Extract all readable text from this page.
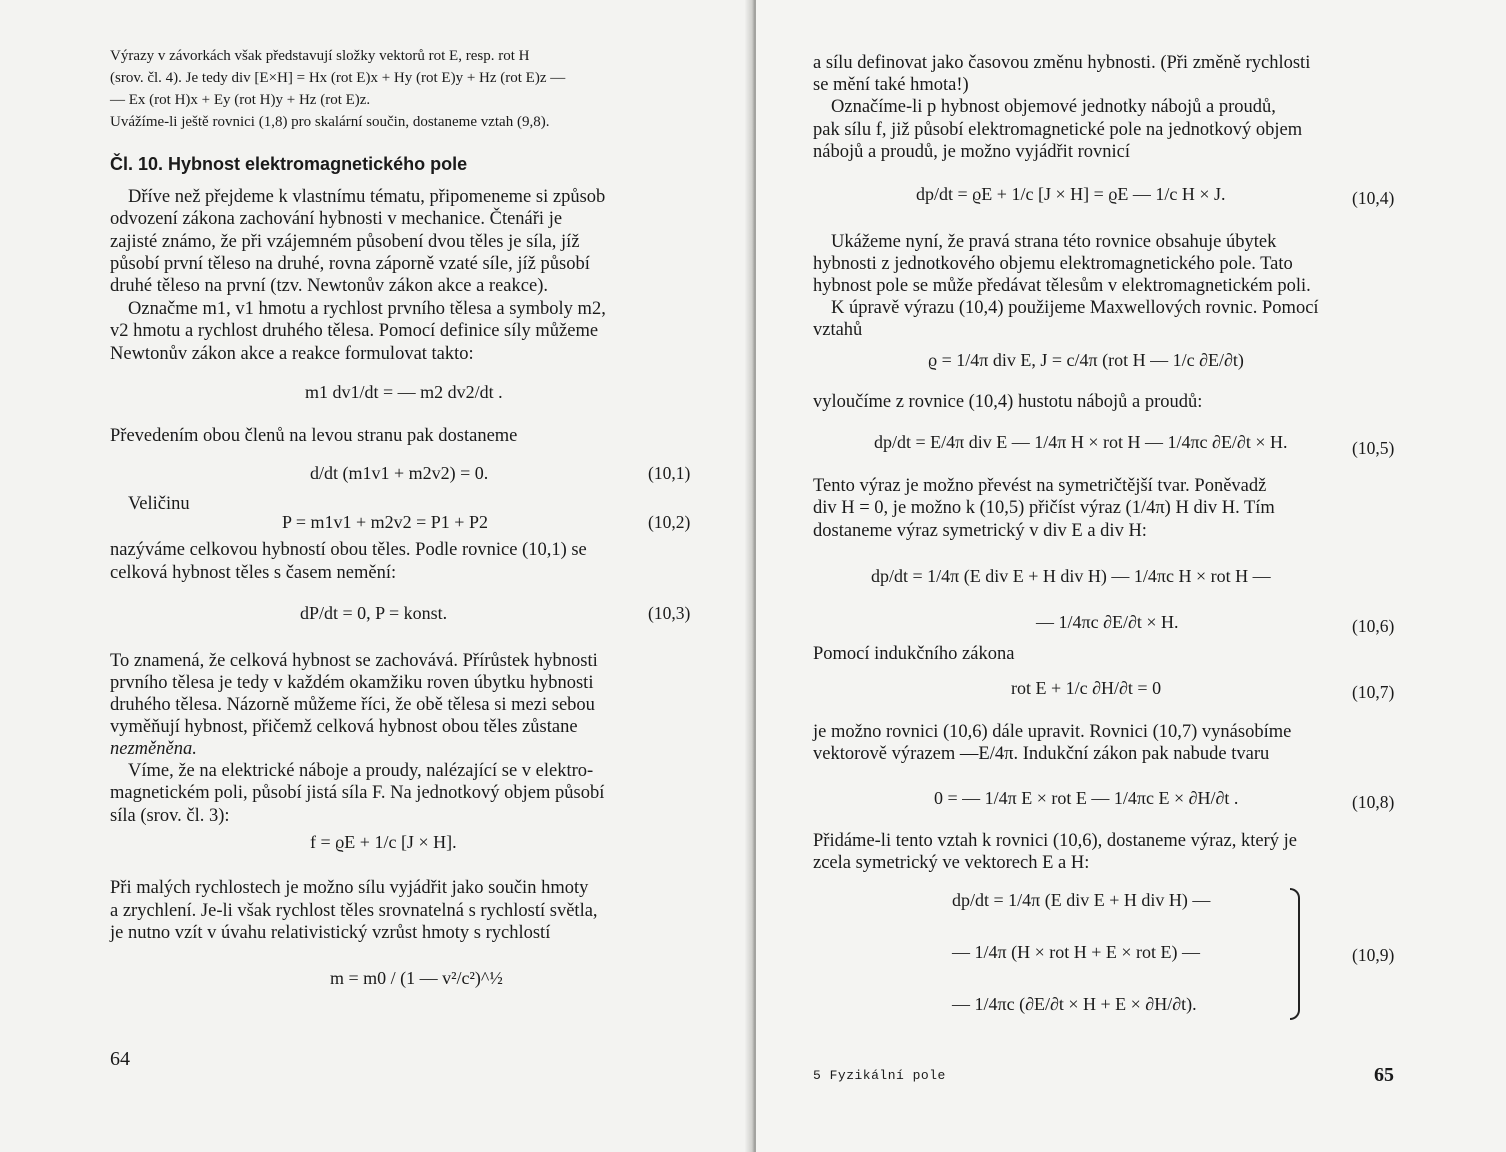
Výrazy v závorkách však představují složky vektorů rot E, resp. rot H
(srov. čl. 4). Je tedy div [E×H] = Hx (rot E)x + Hy (rot E)y + Hz (rot E)z —
— Ex (rot H)x + Ey (rot H)y + Hz (rot E)z.
Uvážíme-li ještě rovnici (1,8) pro skalární součin, dostaneme vztah (9,8).
Čl. 10. Hybnost elektromagnetického pole
Dříve než přejdeme k vlastnímu tématu, připomeneme si způsob
odvození zákona zachování hybnosti v mechanice. Čtenáři je
zajisté známo, že při vzájemném působení dvou těles je síla, jíž
působí první těleso na druhé, rovna záporně vzaté síle, jíž působí
druhé těleso na první (tzv. Newtonův zákon akce a reakce).
Označme m1, v1 hmotu a rychlost prvního tělesa a symboly m2,
v2 hmotu a rychlost druhého tělesa. Pomocí definice síly můžeme
Newtonův zákon akce a reakce formulovat takto:
m1 dv1/dt = — m2 dv2/dt .
Převedením obou členů na levou stranu pak dostaneme
d/dt (m1v1 + m2v2) = 0.	(10,1)
Veličinu
P = m1v1 + m2v2 = P1 + P2	(10,2)
nazýváme celkovou hybností obou těles. Podle rovnice (10,1) se
celková hybnost těles s časem nemění:
dP/dt = 0, P = konst.	(10,3)
To znamená, že celková hybnost se zachovává. Přírůstek hybnosti
prvního tělesa je tedy v každém okamžiku roven úbytku hybnosti
druhého tělesa. Názorně můžeme říci, že obě tělesa si mezi sebou
vyměňují hybnost, přičemž celková hybnost obou těles zůstane
nezměněna.
Víme, že na elektrické náboje a proudy, nalézající se v elektro-
magnetickém poli, působí jistá síla F. Na jednotkový objem působí
síla (srov. čl. 3):
f = ϱE + 1/c [J × H].
Při malých rychlostech je možno sílu vyjádřit jako součin hmoty
a zrychlení. Je-li však rychlost těles srovnatelná s rychlostí světla,
je nutno vzít v úvahu relativistický vzrůst hmoty s rychlostí
m = m0 / (1 — v²/c²)^½
64
a sílu definovat jako časovou změnu hybnosti. (Při změně rychlosti
se mění také hmota!)
Označíme-li p hybnost objemové jednotky nábojů a proudů,
pak sílu f, již působí elektromagnetické pole na jednotkový objem
nábojů a proudů, je možno vyjádřit rovnicí
dp/dt = ϱE + 1/c [J × H] = ϱE — 1/c H × J.	(10,4)
Ukážeme nyní, že pravá strana této rovnice obsahuje úbytek
hybnosti z jednotkového objemu elektromagnetického pole. Tato
hybnost pole se může předávat tělesům v elektromagnetickém poli.
K úpravě výrazu (10,4) použijeme Maxwellových rovnic. Pomocí
vztahů
ϱ = 1/4π div E, J = c/4π (rot H — 1/c ∂E/∂t)
vyloučíme z rovnice (10,4) hustotu nábojů a proudů:
dp/dt = E/4π div E — 1/4π H × rot H — 1/4πc ∂E/∂t × H.	(10,5)
Tento výraz je možno převést na symetričtější tvar. Poněvadž
div H = 0, je možno k (10,5) přičíst výraz (1/4π) H div H. Tím
dostaneme výraz symetrický v div E a div H:
dp/dt = 1/4π (E div E + H div H) — 1/4πc H × rot H —
— 1/4πc ∂E/∂t × H.	(10,6)
Pomocí indukčního zákona
rot E + 1/c ∂H/∂t = 0	(10,7)
je možno rovnici (10,6) dále upravit. Rovnici (10,7) vynásobíme
vektorově výrazem —E/4π. Indukční zákon pak nabude tvaru
0 = — 1/4π E × rot E — 1/4πc E × ∂H/∂t .	(10,8)
Přidáme-li tento vztah k rovnici (10,6), dostaneme výraz, který je
zcela symetrický ve vektorech E a H:
dp/dt = 1/4π (E div E + H div H) —
— 1/4π (H × rot H + E × rot E) —
— 1/4πc (∂E/∂t × H + E × ∂H/∂t).
(10,9)
5 Fyzikální pole	65
